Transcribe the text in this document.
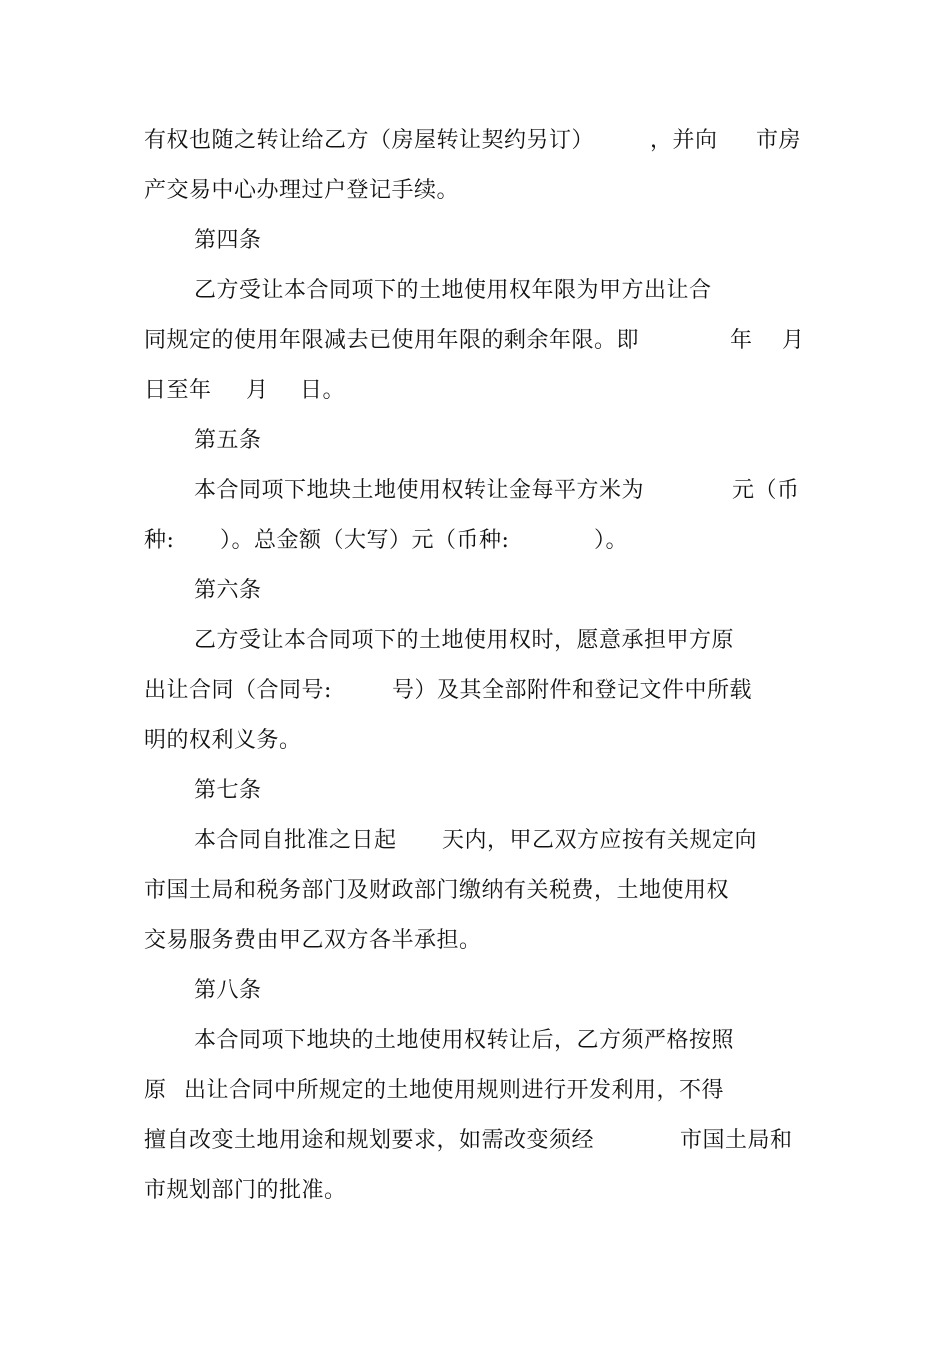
有权也随之转让给乙方（房屋转让契约另订）

	，并向

市房

产交易中心办理过户登记手续。

第四条

乙方受让本合同项下的土地使用权年限为甲方出让合

同规定的使用年限减去已使用年限的剩余年限。即

	年

月

日至年

月

日。

第五条

本合同项下地块土地使用权转让金每平方米为

	元（币

种:

）。总金额（大写）元（币种:

	）。

第六条

乙方受让本合同项下的土地使用权时，愿意承担甲方原

出让合同（合同号:

	号）及其全部附件和登记文件中所载

明的权利义务。

第七条

本合同自批准之日起

天内，甲乙双方应按有关规定向

市国土局和税务部门及财政部门缴纳有关税费，土地使用权

交易服务费由甲乙双方各半承担。

第八条

本合同项下地块的土地使用权转让后，乙方须严格按照

原

出让合同中所规定的土地使用规则进行开发利用，不得

擅自改变土地用途和规划要求，如需改变须经

	市国土局和

市规划部门的批准。
